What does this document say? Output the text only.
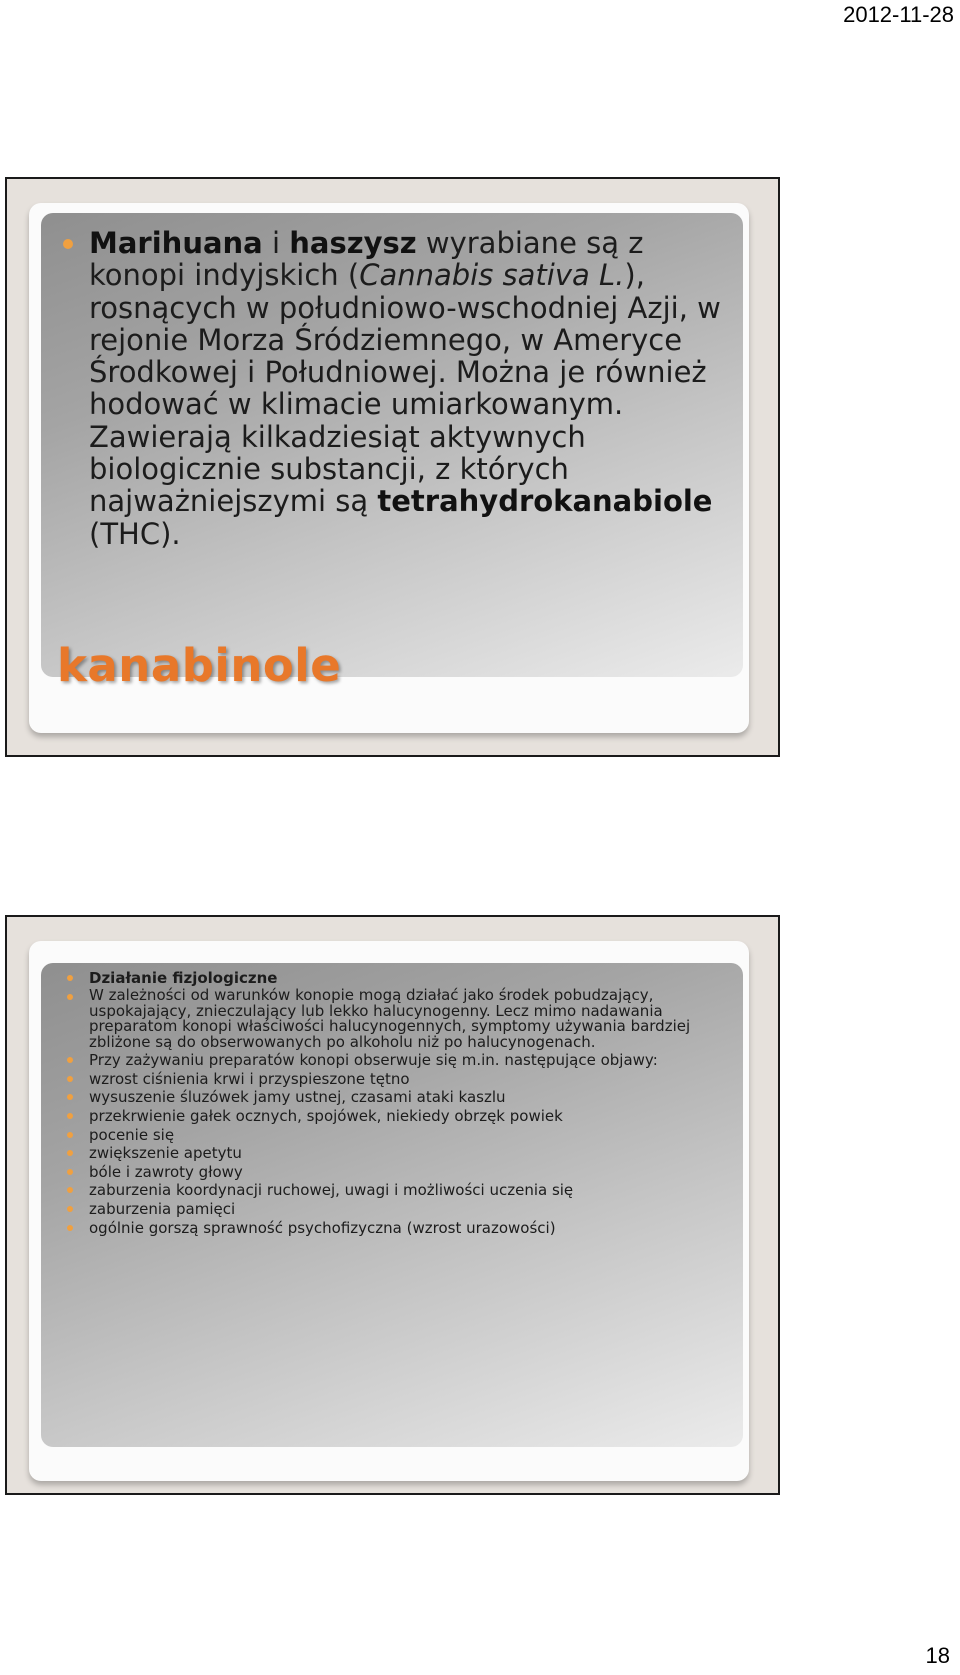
2012-11-28
Marihuana i haszysz wyrabiane są z konopi indyjskich (Cannabis sativa L.), rosnących w południowo-wschodniej Azji, w rejonie Morza Śródziemnego, w Ameryce Środkowej i Południowej. Można je również hodować w klimacie umiarkowanym. Zawierają kilkadziesiąt aktywnych biologicznie substancji, z których najważniejszymi są tetrahydrokanabiole (THC).
kanabinole
Działanie fizjologiczne
W zależności od warunków konopie mogą działać jako środek pobudzający, uspokajający, znieczulający lub lekko halucynogenny. Lecz mimo nadawania preparatom konopi właściwości halucynogennych, symptomy używania bardziej zbliżone są do obserwowanych po alkoholu niż po halucynogenach.
Przy zażywaniu preparatów konopi obserwuje się m.in. następujące objawy:
wzrost ciśnienia krwi i przyspieszone tętno
wysuszenie śluzówek jamy ustnej, czasami ataki kaszlu
przekrwienie gałek ocznych, spojówek, niekiedy obrzęk powiek
pocenie się
zwiększenie apetytu
bóle i zawroty głowy
zaburzenia koordynacji ruchowej, uwagi i możliwości uczenia się
zaburzenia pamięci
ogólnie gorszą sprawność psychofizyczna (wzrost urazowości)
18
